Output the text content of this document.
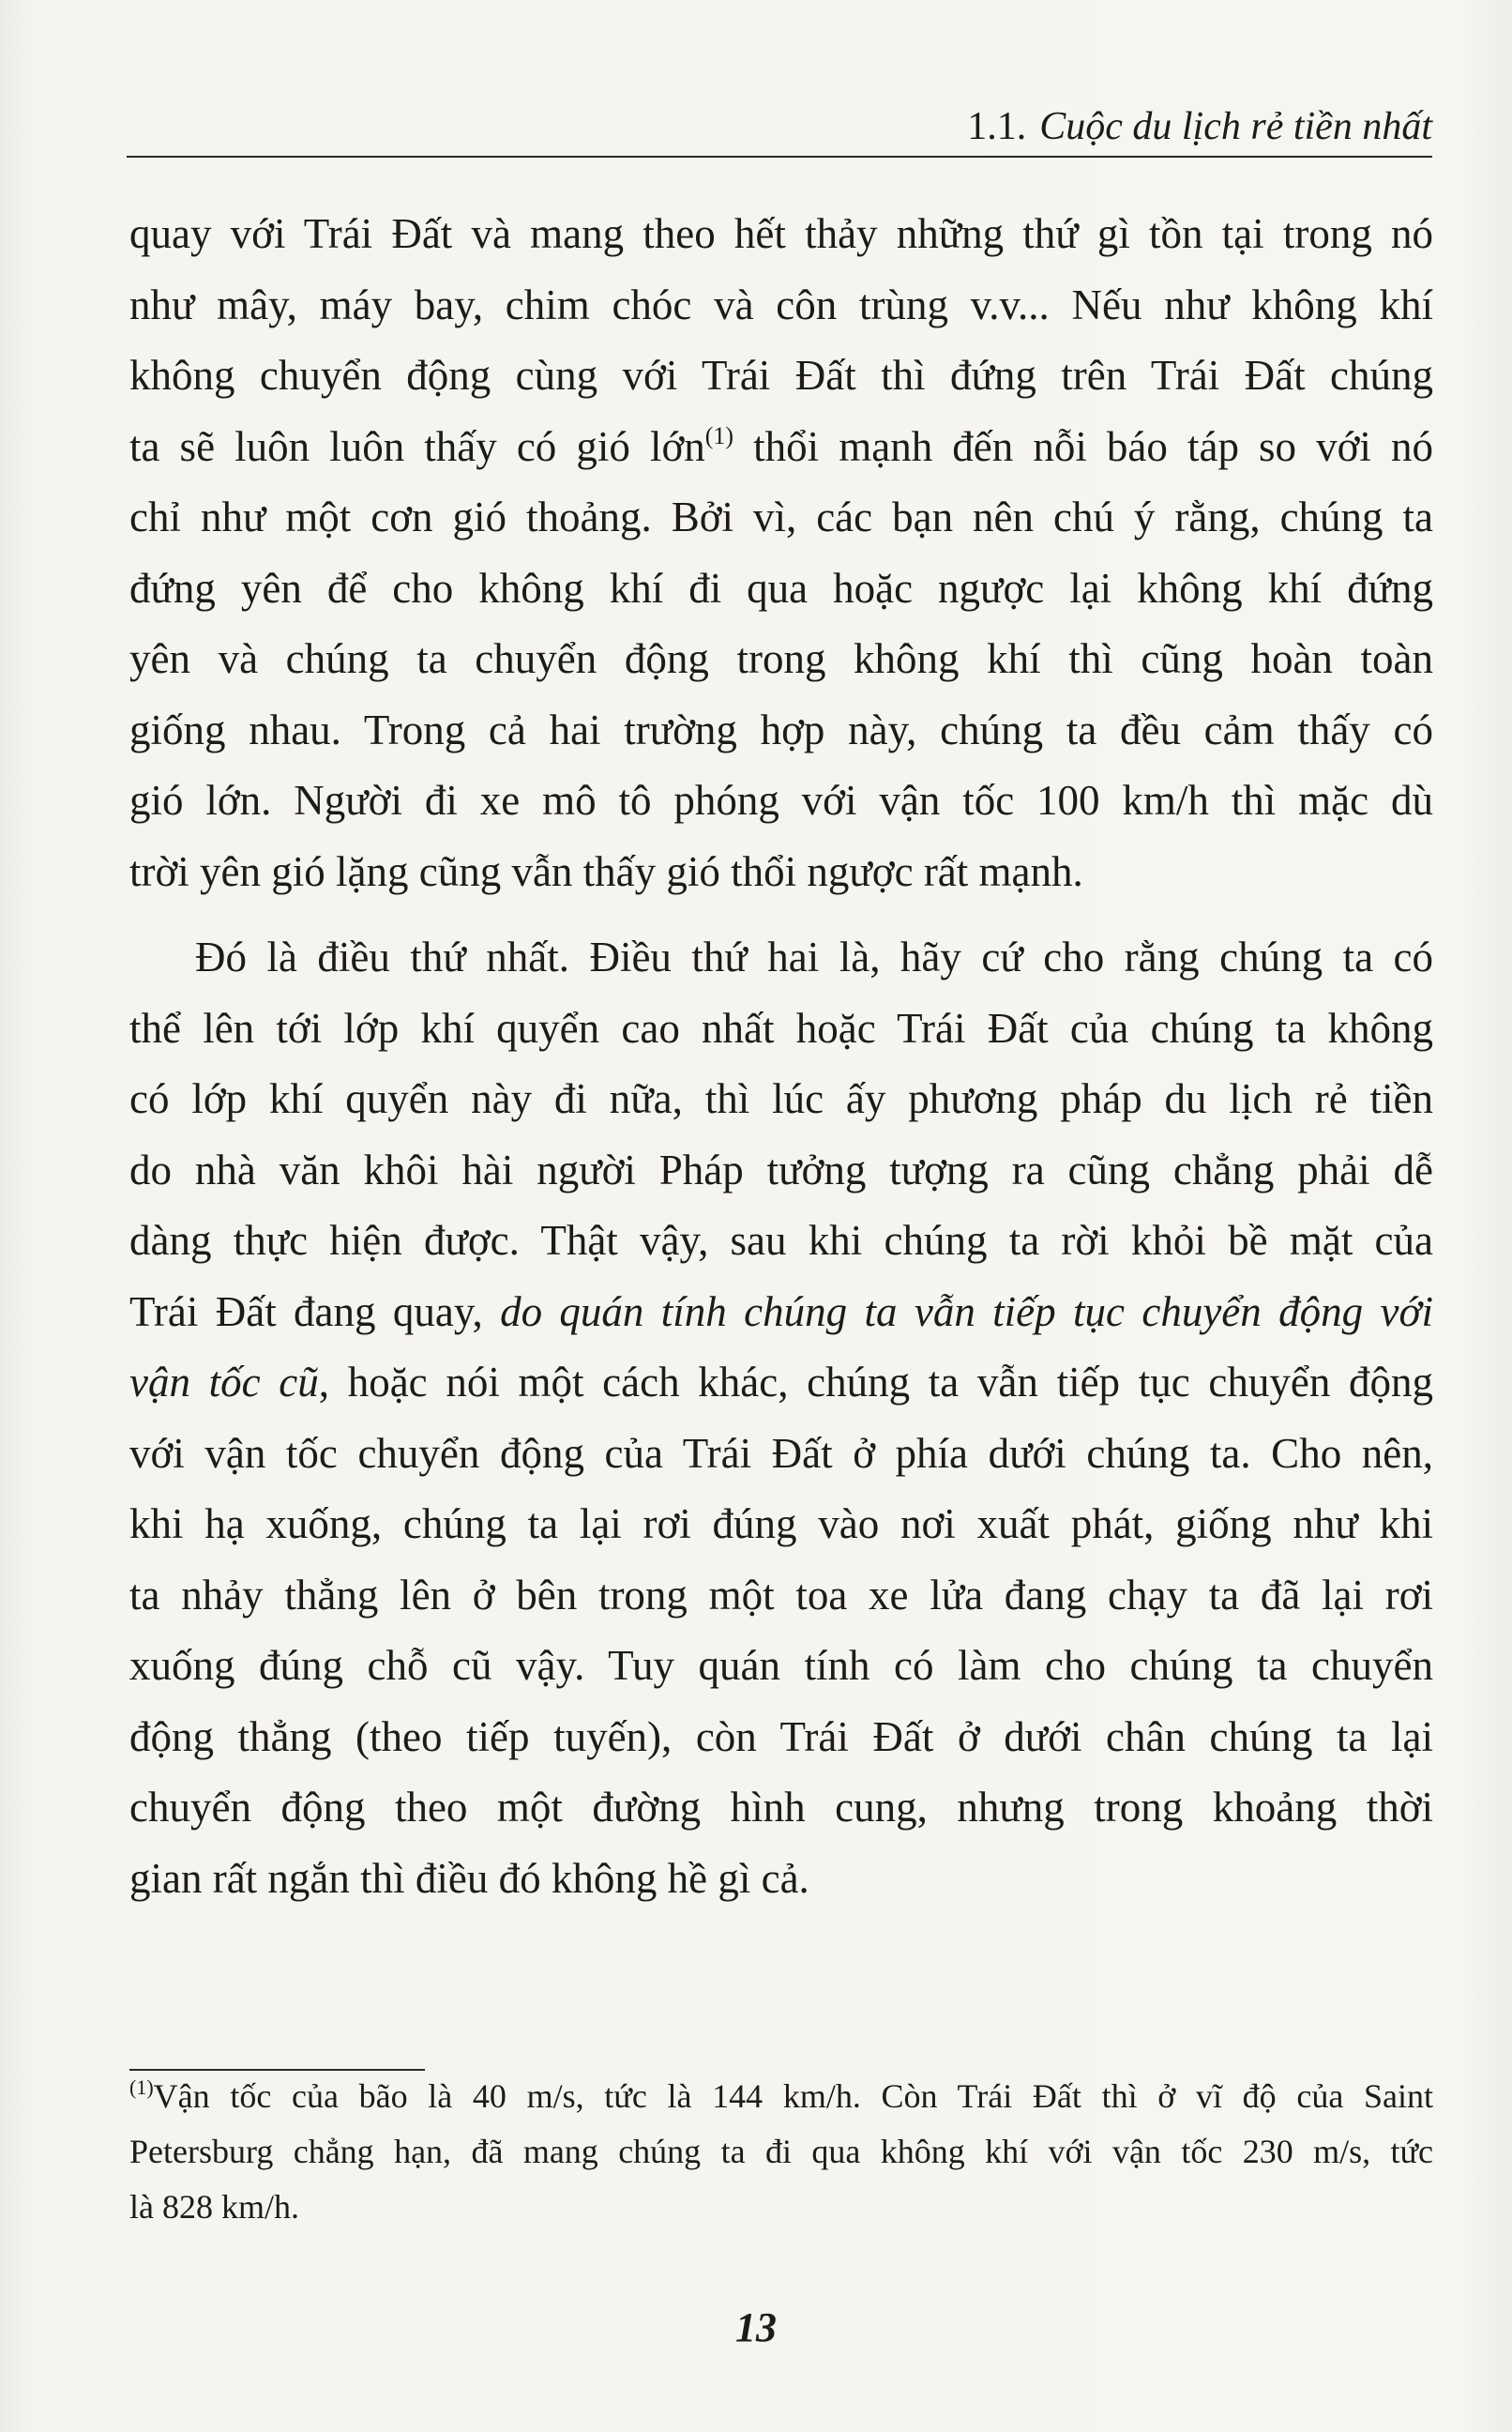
1.1. Cuộc du lịch rẻ tiền nhất

quay với Trái Đất và mang theo hết thảy những thứ gì tồn tại trong nó
như mây, máy bay, chim chóc và côn trùng v.v... Nếu như không khí
không chuyển động cùng với Trái Đất thì đứng trên Trái Đất chúng
ta sẽ luôn luôn thấy có gió lớn$^{(1)}$ thổi mạnh đến nỗi báo táp so với nó
chỉ như một cơn gió thoảng. Bởi vì, các bạn nên chú ý rằng, chúng ta
đứng yên để cho không khí đi qua hoặc ngược lại không khí đứng
yên và chúng ta chuyển động trong không khí thì cũng hoàn toàn
giống nhau. Trong cả hai trường hợp này, chúng ta đều cảm thấy có
gió lớn. Người đi xe mô tô phóng với vận tốc 100 km/h thì mặc dù
trời yên gió lặng cũng vẫn thấy gió thổi ngược rất mạnh.

Đó là điều thứ nhất. Điều thứ hai là, hãy cứ cho rằng chúng ta có
thể lên tới lớp khí quyển cao nhất hoặc Trái Đất của chúng ta không
có lớp khí quyển này đi nữa, thì lúc ấy phương pháp du lịch rẻ tiền
do nhà văn khôi hài người Pháp tưởng tượng ra cũng chẳng phải dễ
dàng thực hiện được. Thật vậy, sau khi chúng ta rời khỏi bề mặt của
Trái Đất đang quay, do quán tính chúng ta vẫn tiếp tục chuyển động với
vận tốc cũ, hoặc nói một cách khác, chúng ta vẫn tiếp tục chuyển động
với vận tốc chuyển động của Trái Đất ở phía dưới chúng ta. Cho nên,
khi hạ xuống, chúng ta lại rơi đúng vào nơi xuất phát, giống như khi
ta nhảy thẳng lên ở bên trong một toa xe lửa đang chạy ta đã lại rơi
xuống đúng chỗ cũ vậy. Tuy quán tính có làm cho chúng ta chuyển
động thẳng (theo tiếp tuyến), còn Trái Đất ở dưới chân chúng ta lại
chuyển động theo một đường hình cung, nhưng trong khoảng thời
gian rất ngắn thì điều đó không hề gì cả.

$^{(1)}$Vận tốc của bão là 40 m/s, tức là 144 km/h. Còn Trái Đất thì ở vĩ độ của Saint
Petersburg chẳng hạn, đã mang chúng ta đi qua không khí với vận tốc 230 m/s, tức
là 828 km/h.
13
